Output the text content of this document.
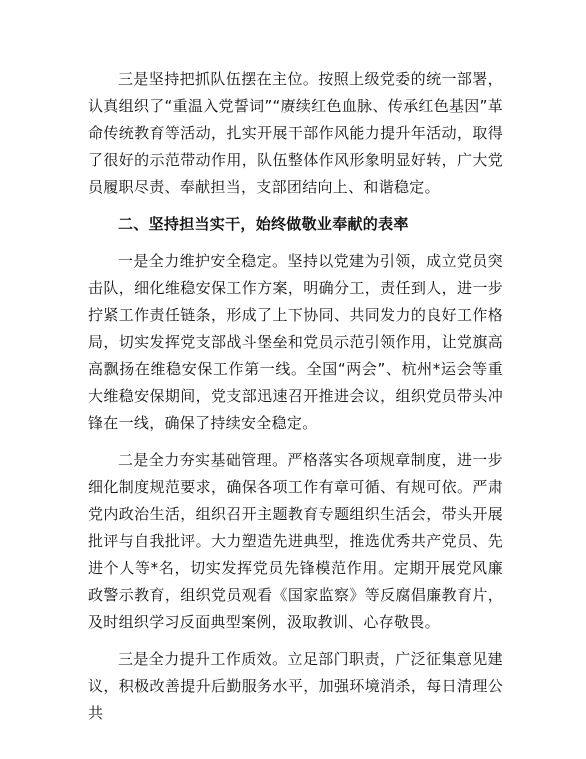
三是坚持把抓队伍摆在主位。按照上级党委的统一部署，认真组织了“重温入党誓词”“赓续红色血脉、传承红色基因”革命传统教育等活动，扎实开展干部作风能力提升年活动，取得了很好的示范带动作用，队伍整体作风形象明显好转，广大党员履职尽责、奉献担当，支部团结向上、和谐稳定。

二、坚持担当实干，始终做敬业奉献的表率

一是全力维护安全稳定。坚持以党建为引领，成立党员突击队，细化维稳安保工作方案，明确分工，责任到人，进一步拧紧工作责任链条，形成了上下协同、共同发力的良好工作格局，切实发挥党支部战斗堡垒和党员示范引领作用，让党旗高高飘扬在维稳安保工作第一线。全国“两会”、杭州*运会等重大维稳安保期间，党支部迅速召开推进会议，组织党员带头冲锋在一线，确保了持续安全稳定。

二是全力夯实基础管理。严格落实各项规章制度，进一步细化制度规范要求，确保各项工作有章可循、有规可依。严肃党内政治生活，组织召开主题教育专题组织生活会，带头开展批评与自我批评。大力塑造先进典型，推选优秀共产党员、先进个人等*名，切实发挥党员先锋模范作用。定期开展党风廉政警示教育，组织党员观看《国家监察》等反腐倡廉教育片，及时组织学习反面典型案例，汲取教训、心存敬畏。

三是全力提升工作质效。立足部门职责，广泛征集意见建议，积极改善提升后勤服务水平，加强环境消杀，每日清理公共
